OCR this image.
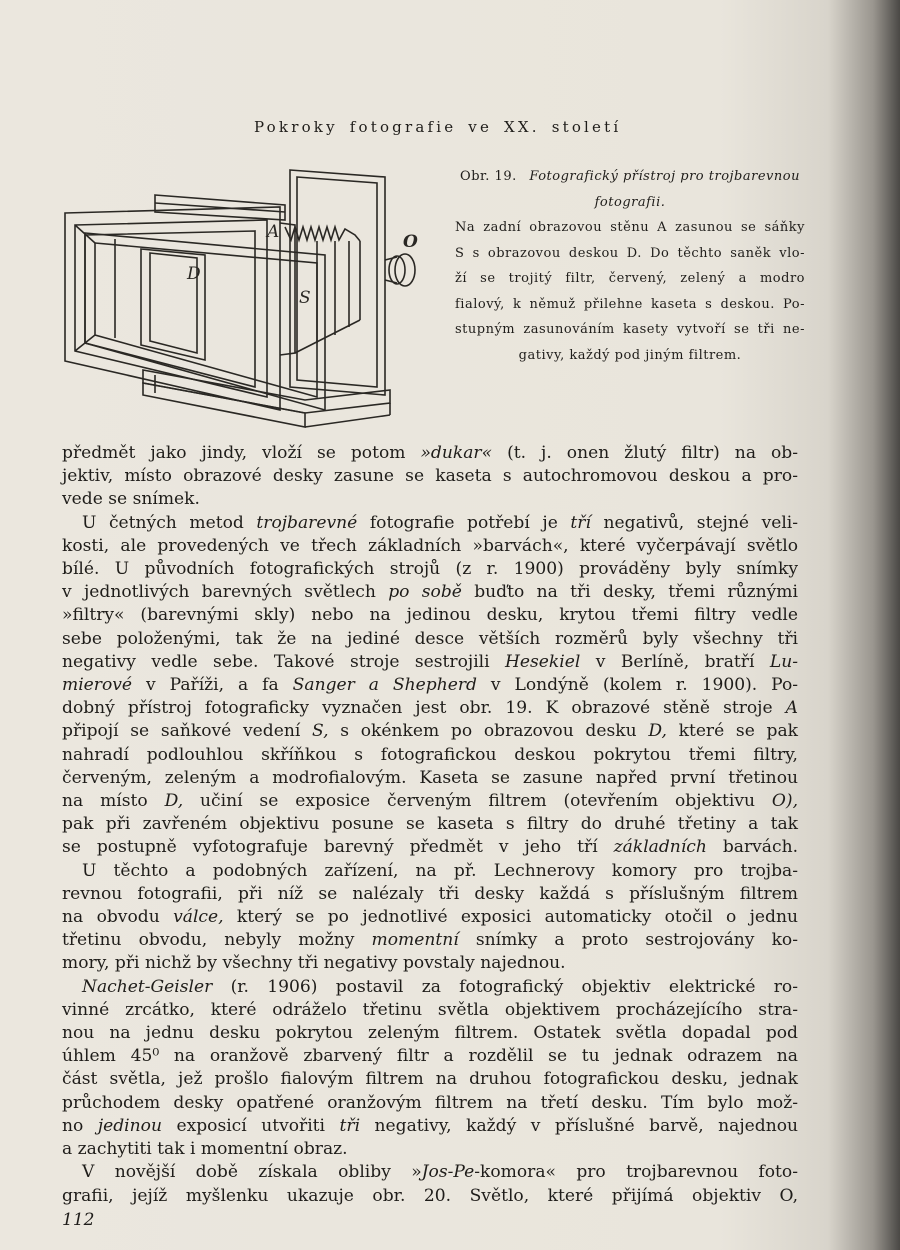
Pokroky fotografie ve XX. století
A	O
D
S

Obr. 19. Fotografický přístroj pro trojbarevnou

fotografii.

Na zadní obrazovou stěnu A zasunou se sáňky

S s obrazovou deskou D. Do těchto saněk vlo-

ží se trojitý filtr, červený, zelený a modro

fialový, k němuž přilehne kaseta s deskou. Po-

stupným zasunováním kasety vytvoří se tři ne-

gativy, každý pod jiným filtrem.

předmět jako jindy, vloží se potom »dukar« (t. j. onen žlutý filtr) na ob-
jektiv, místo obrazové desky zasune se kaseta s autochromovou deskou a pro-
vede se snímek.

U četných metod trojbarevné fotografie potřebí je tří negativů, stejné veli-
kosti, ale provedených ve třech základních »barvách«, které vyčerpávají světlo
bílé. U původních fotografických strojů (z r. 1900) prováděny byly snímky
v jednotlivých barevných světlech po sobě buďto na tři desky, třemi různými
»filtry« (barevnými skly) nebo na jedinou desku, krytou třemi filtry vedle
sebe položenými, tak že na jediné desce větších rozměrů byly všechny tři
negativy vedle sebe. Takové stroje sestrojili Hesekiel v Berlíně, bratří Lu-
mierové v Paříži, a fa Sanger a Shepherd v Londýně (kolem r. 1900). Po-
dobný přístroj fotograficky vyznačen jest obr. 19. K obrazové stěně stroje A
připojí se saňkové vedení S, s okénkem po obrazovou desku D, které se pak
nahradí podlouhlou skříňkou s fotografickou deskou pokrytou třemi filtry,
červeným, zeleným a modrofialovým. Kaseta se zasune napřed první třetinou
na místo D, učiní se exposice červeným filtrem (otevřením objektivu O),
pak při zavřeném objektivu posune se kaseta s filtry do druhé třetiny a tak
se postupně vyfotografuje barevný předmět v jeho tří základních barvách.

U těchto a podobných zařízení, na př. Lechnerovy komory pro trojba-
revnou fotografii, při níž se nalézaly tři desky každá s příslušným filtrem
na obvodu válce, který se po jednotlivé exposici automaticky otočil o jednu
třetinu obvodu, nebyly možny momentní snímky a proto sestrojovány ko-
mory, při nichž by všechny tři negativy povstaly najednou.

Nachet-Geisler (r. 1906) postavil za fotografický objektiv elektrické ro-
vinné zrcátko, které odráželo třetinu světla objektivem procházejícího stra-
nou na jednu desku pokrytou zeleným filtrem. Ostatek světla dopadal pod
úhlem 45⁰ na oranžově zbarvený filtr a rozdělil se tu jednak odrazem na
část světla, jež prošlo fialovým filtrem na druhou fotografickou desku, jednak
průchodem desky opatřené oranžovým filtrem na třetí desku. Tím bylo mož-
no jedinou exposicí utvořiti tři negativy, každý v příslušné barvě, najednou
a zachytiti tak i momentní obraz.

V novější době získala obliby »Jos-Pe-komora« pro trojbarevnou foto-
grafii, jejíž myšlenku ukazuje obr. 20. Světlo, které přijímá objektiv O,

112
